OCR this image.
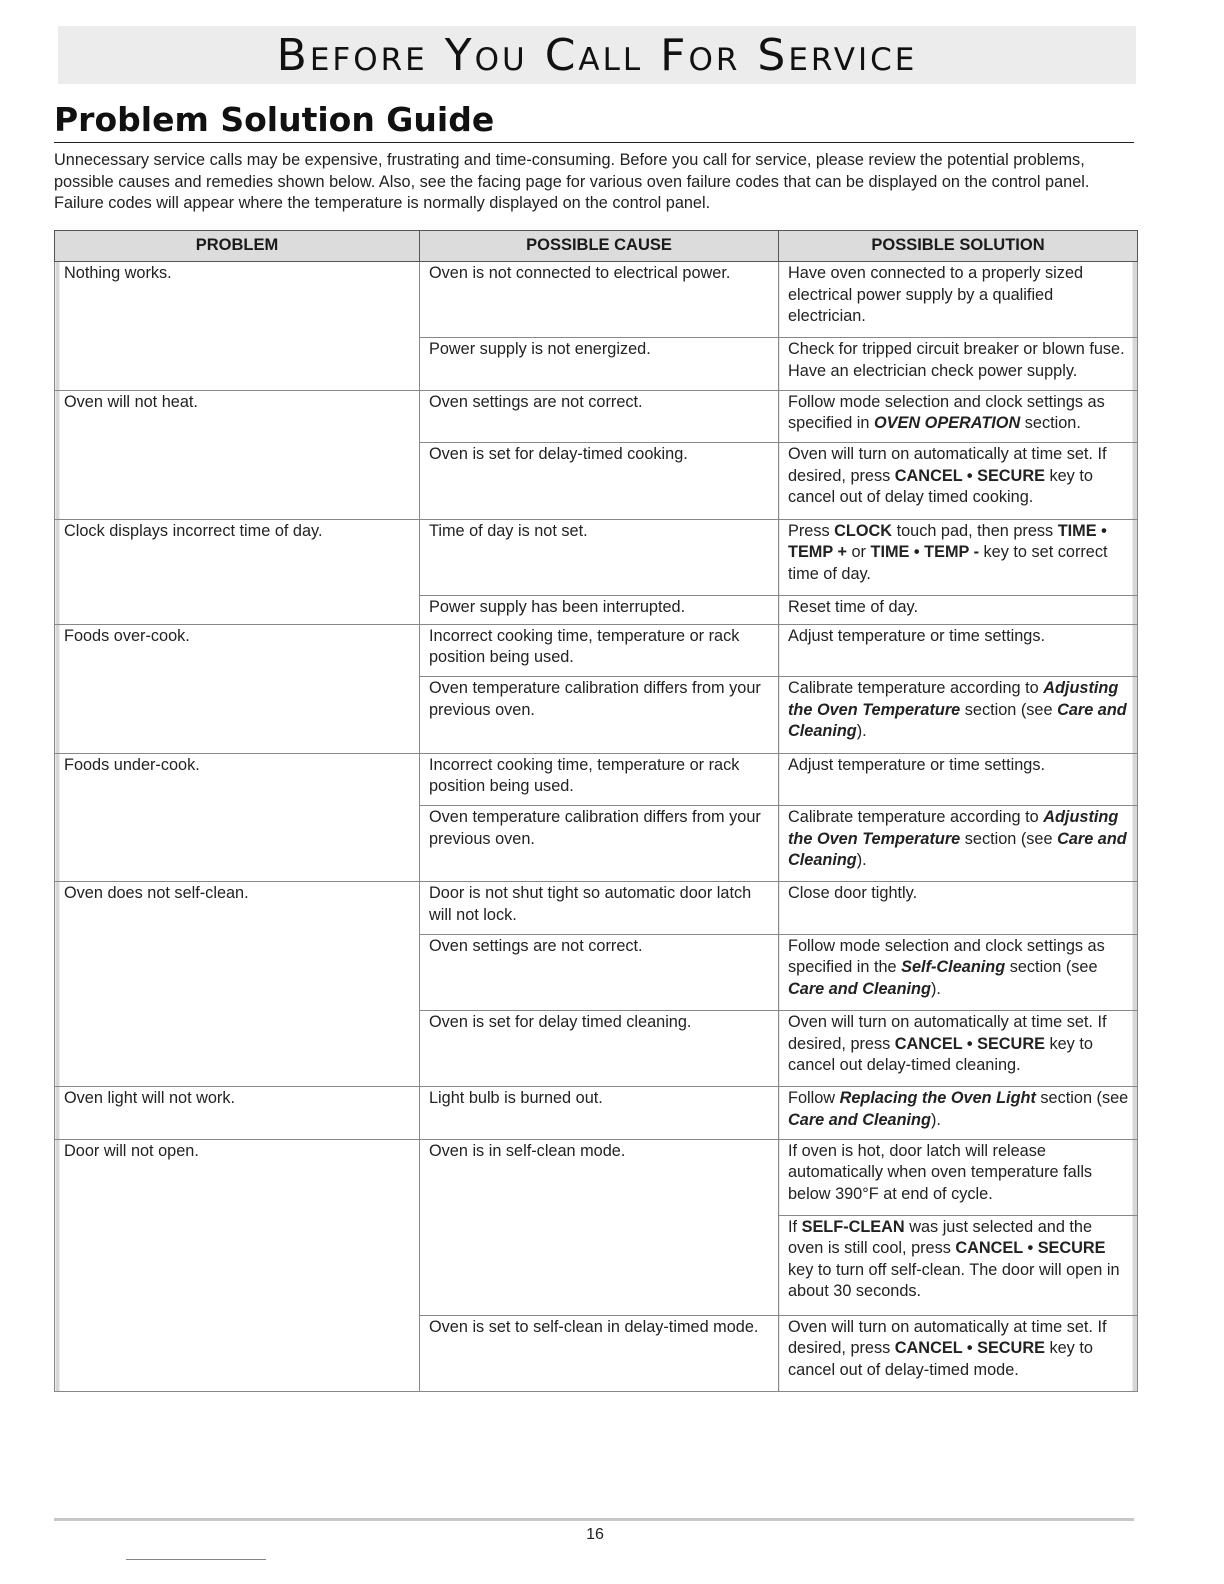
Before You Call For Service
Problem Solution Guide

Unnecessary service calls may be expensive, frustrating and time-consuming. Before you call for service, please review the potential problems, possible causes and remedies shown below. Also, see the facing page for various oven failure codes that can be displayed on the control panel. Failure codes will appear where the temperature is normally displayed on the control panel.

PROBLEM	POSSIBLE CAUSE	POSSIBLE SOLUTION
Nothing works.	Oven is not connected to electrical power.	Have oven connected to a properly sized electrical power supply by a qualified electrician.
	Power supply is not energized.	Check for tripped circuit breaker or blown fuse. Have an electrician check power supply.
Oven will not heat.	Oven settings are not correct.	Follow mode selection and clock settings as specified in OVEN OPERATION section.
	Oven is set for delay-timed cooking.	Oven will turn on automatically at time set. If desired, press CANCEL • SECURE key to cancel out of delay timed cooking.
Clock displays incorrect time of day.	Time of day is not set.	Press CLOCK touch pad, then press TIME • TEMP + or TIME • TEMP - key to set correct time of day.
	Power supply has been interrupted.	Reset time of day.
Foods over-cook.	Incorrect cooking time, temperature or rack position being used.	Adjust temperature or time settings.
	Oven temperature calibration differs from your previous oven.	Calibrate temperature according to Adjusting the Oven Temperature section (see Care and Cleaning).
Foods under-cook.	Incorrect cooking time, temperature or rack position being used.	Adjust temperature or time settings.
	Oven temperature calibration differs from your previous oven.	Calibrate temperature according to Adjusting the Oven Temperature section (see Care and Cleaning).
Oven does not self-clean.	Door is not shut tight so automatic door latch will not lock.	Close door tightly.
	Oven settings are not correct.	Follow mode selection and clock settings as specified in the Self-Cleaning section (see Care and Cleaning).
	Oven is set for delay timed cleaning.	Oven will turn on automatically at time set. If desired, press CANCEL • SECURE key to cancel out delay-timed cleaning.
Oven light will not work.	Light bulb is burned out.	Follow Replacing the Oven Light section (see Care and Cleaning).
Door will not open.	Oven is in self-clean mode.	If oven is hot, door latch will release automatically when oven temperature falls below 390°F at end of cycle.
		If SELF-CLEAN was just selected and the oven is still cool, press CANCEL • SECURE key to turn off self-clean. The door will open in about 30 seconds.
	Oven is set to self-clean in delay-timed mode.	Oven will turn on automatically at time set. If desired, press CANCEL • SECURE key to cancel out of delay-timed mode.
16
